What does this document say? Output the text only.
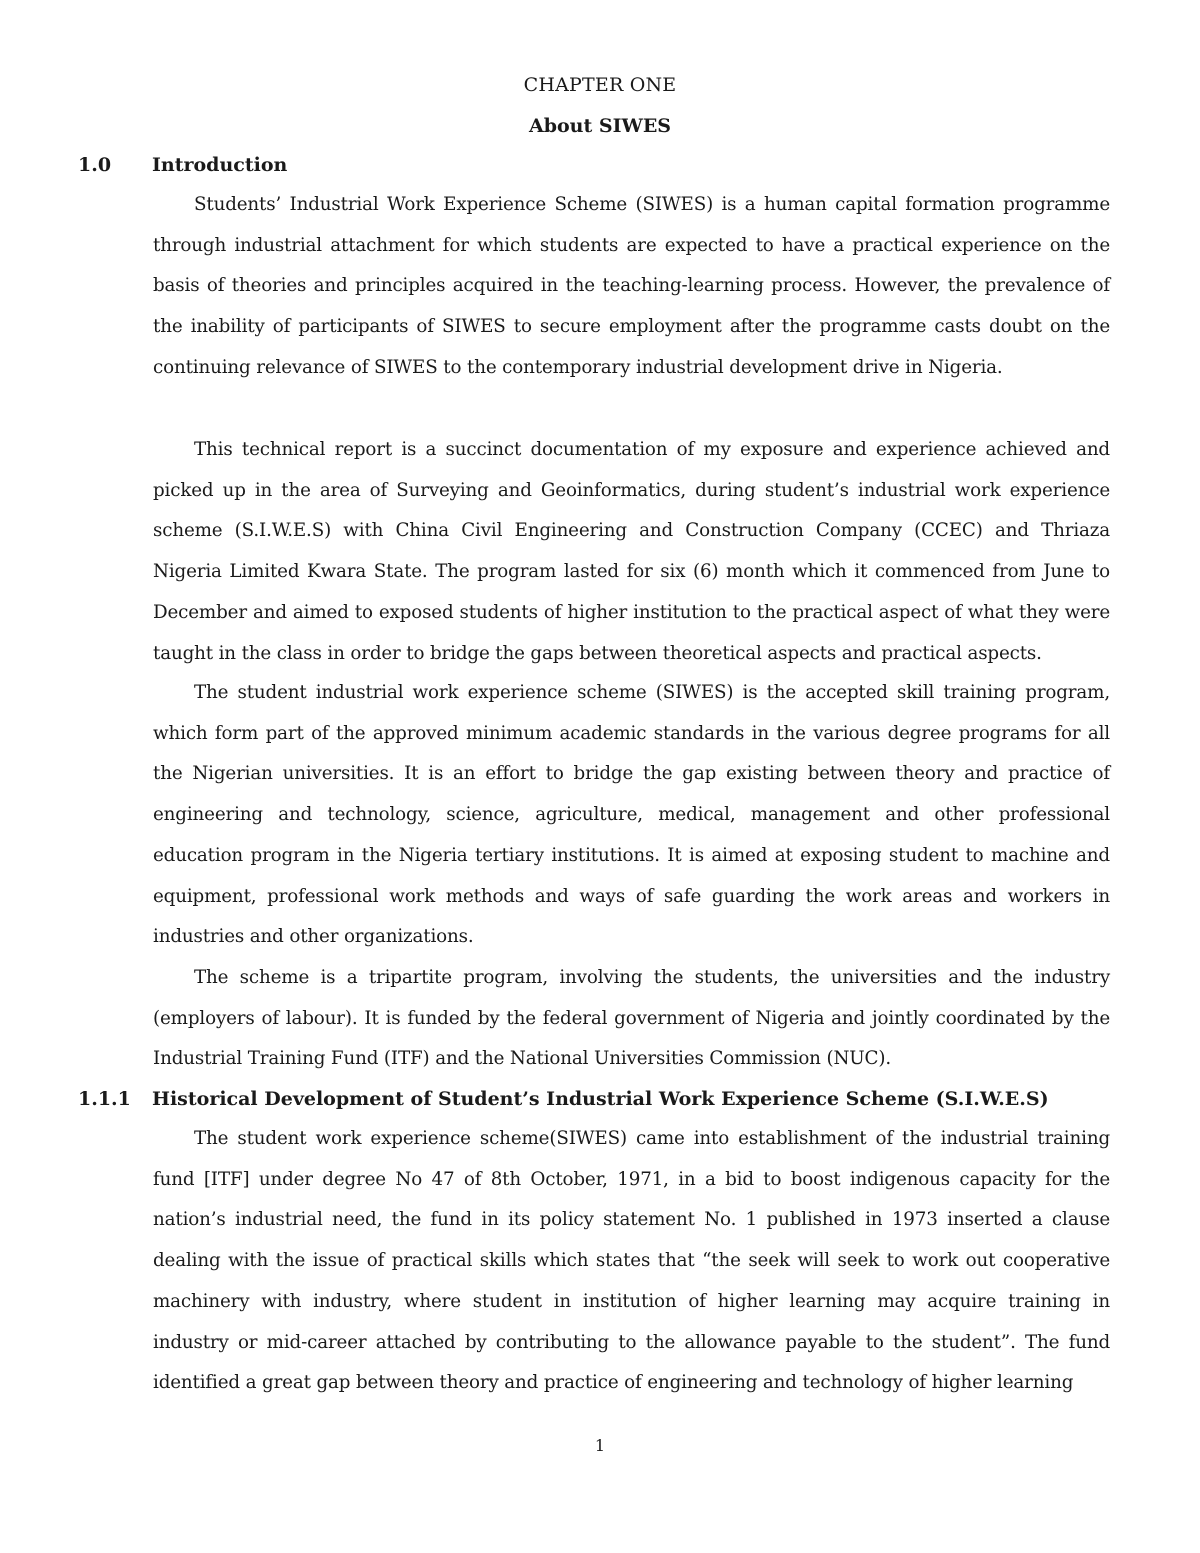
CHAPTER ONE
About SIWES
1.0 Introduction

Students’ Industrial Work Experience Scheme (SIWES) is a human capital formation programme through industrial attachment for which students are expected to have a practical experience on the basis of theories and principles acquired in the teaching-learning process. However, the prevalence of the inability of participants of SIWES to secure employment after the programme casts doubt on the continuing relevance of SIWES to the contemporary industrial development drive in Nigeria.

This technical report is a succinct documentation of my exposure and experience achieved and picked up in the area of Surveying and Geoinformatics, during student’s industrial work experience scheme (S.I.W.E.S) with China Civil Engineering and Construction Company (CCEC) and Thriaza Nigeria Limited Kwara State. The program lasted for six (6) month which it commenced from June to December and aimed to exposed students of higher institution to the practical aspect of what they were taught in the class in order to bridge the gaps between theoretical aspects and practical aspects.

The student industrial work experience scheme (SIWES) is the accepted skill training program, which form part of the approved minimum academic standards in the various degree programs for all the Nigerian universities. It is an effort to bridge the gap existing between theory and practice of engineering and technology, science, agriculture, medical, management and other professional education program in the Nigeria tertiary institutions. It is aimed at exposing student to machine and equipment, professional work methods and ways of safe guarding the work areas and workers in industries and other organizations.

The scheme is a tripartite program, involving the students, the universities and the industry (employers of labour). It is funded by the federal government of Nigeria and jointly coordinated by the Industrial Training Fund (ITF) and the National Universities Commission (NUC).

1.1.1 Historical Development of Student’s Industrial Work Experience Scheme (S.I.W.E.S)

The student work experience scheme(SIWES) came into establishment of the industrial training fund [ITF] under degree No 47 of 8th October, 1971, in a bid to boost indigenous capacity for the nation’s industrial need, the fund in its policy statement No. 1 published in 1973 inserted a clause dealing with the issue of practical skills which states that “the seek will seek to work out cooperative machinery with industry, where student in institution of higher learning may acquire training in industry or mid-career attached by contributing to the allowance payable to the student”. The fund identified a great gap between theory and practice of engineering and technology of higher learning

1
